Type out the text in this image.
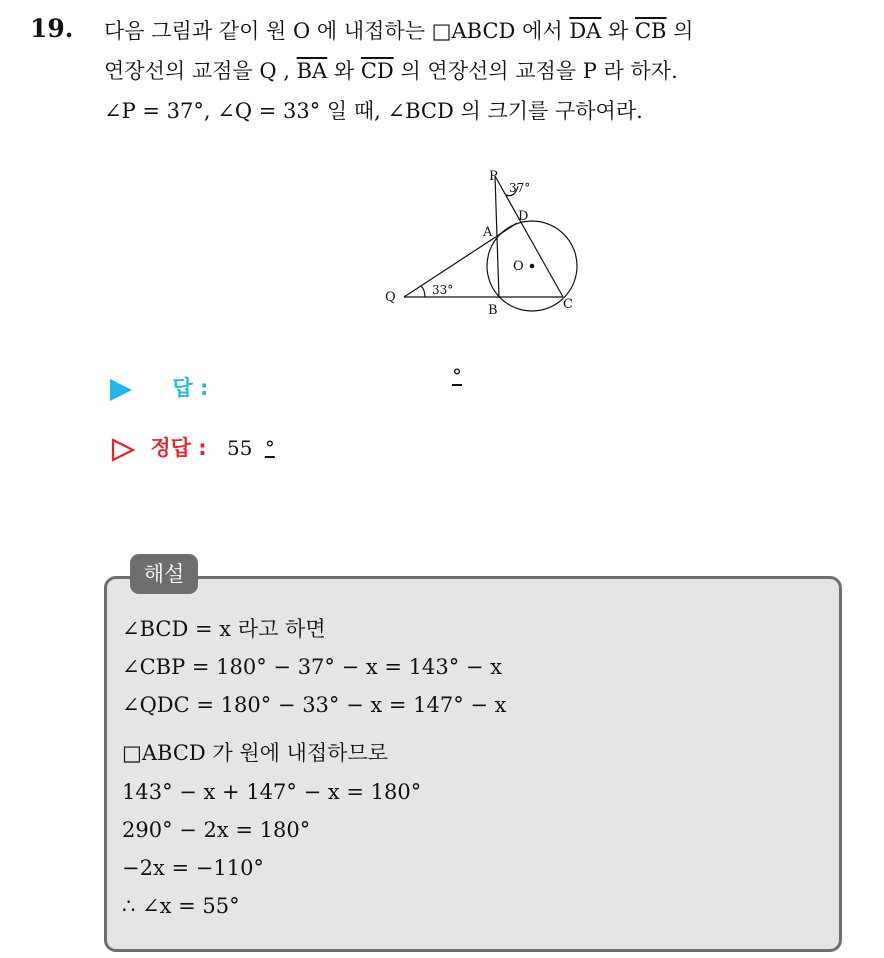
19. 다음 그림과 같이 원 O 에 내접하는 □ABCD 에서 $\overline{DA}$ 와 $\overline{CB}$ 의
연장선의 교점을 Q , $\overline{BA}$ 와 $\overline{CD}$ 의 연장선의 교점을 P 라 하자.
∠P = 37°, ∠Q = 33° 일 때, ∠BCD 의 크기를 구하여라.
P
37°
D
A
O
Q	33°
B	C
답 :	°
정답 : 55 °
해설
∠BCD = x 라고 하면
∠CBP = 180° − 37° − x = 143° − x
∠QDC = 180° − 33° − x = 147° − x
□ABCD 가 원에 내접하므로
143° − x + 147° − x = 180°
290° − 2x = 180°
−2x = −110°
∴ ∠x = 55°
